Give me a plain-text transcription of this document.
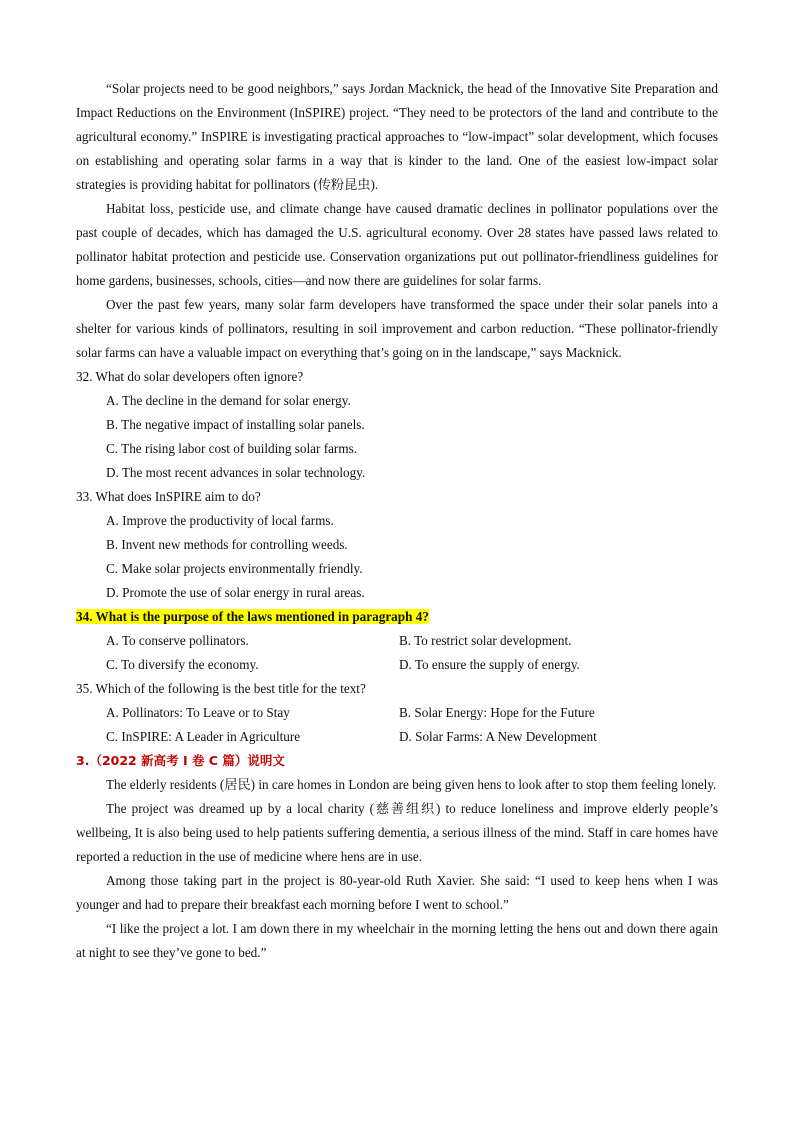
“Solar projects need to be good neighbors,” says Jordan Macknick, the head of the Innovative Site Preparation and Impact Reductions on the Environment (InSPIRE) project. “They need to be protectors of the land and contribute to the agricultural economy.” InSPIRE is investigating practical approaches to “low-impact” solar development, which focuses on establishing and operating solar farms in a way that is kinder to the land. One of the easiest low-impact solar strategies is providing habitat for pollinators (传粉昆虫).

Habitat loss, pesticide use, and climate change have caused dramatic declines in pollinator populations over the past couple of decades, which has damaged the U.S. agricultural economy. Over 28 states have passed laws related to pollinator habitat protection and pesticide use. Conservation organizations put out pollinator-friendliness guidelines for home gardens, businesses, schools, cities—and now there are guidelines for solar farms.

Over the past few years, many solar farm developers have transformed the space under their solar panels into a shelter for various kinds of pollinators, resulting in soil improvement and carbon reduction. “These pollinator-friendly solar farms can have a valuable impact on everything that’s going on in the landscape,” says Macknick.

32. What do solar developers often ignore?

A. The decline in the demand for solar energy.

B. The negative impact of installing solar panels.

C. The rising labor cost of building solar farms.

D. The most recent advances in solar technology.

33. What does InSPIRE aim to do?

A. Improve the productivity of local farms.

B. Invent new methods for controlling weeds.

C. Make solar projects environmentally friendly.

D. Promote the use of solar energy in rural areas.

34. What is the purpose of the laws mentioned in paragraph 4?

A. To conserve pollinators.	B. To restrict solar development.
C. To diversify the economy.	D. To ensure the supply of energy.

35. Which of the following is the best title for the text?

A. Pollinators: To Leave or to Stay	B. Solar Energy: Hope for the Future
C. InSPIRE: A Leader in Agriculture	D. Solar Farms: A New Development

3.（2022 新高考 I 卷 C 篇）说明文

The elderly residents (居民) in care homes in London are being given hens to look after to stop them feeling lonely.

The project was dreamed up by a local charity (慈善组织) to reduce loneliness and improve elderly people’s wellbeing, It is also being used to help patients suffering dementia, a serious illness of the mind. Staff in care homes have reported a reduction in the use of medicine where hens are in use.

Among those taking part in the project is 80-year-old Ruth Xavier. She said: “I used to keep hens when I was younger and had to prepare their breakfast each morning before I went to school.”

“I like the project a lot. I am down there in my wheelchair in the morning letting the hens out and down there again at night to see they’ve gone to bed.”
